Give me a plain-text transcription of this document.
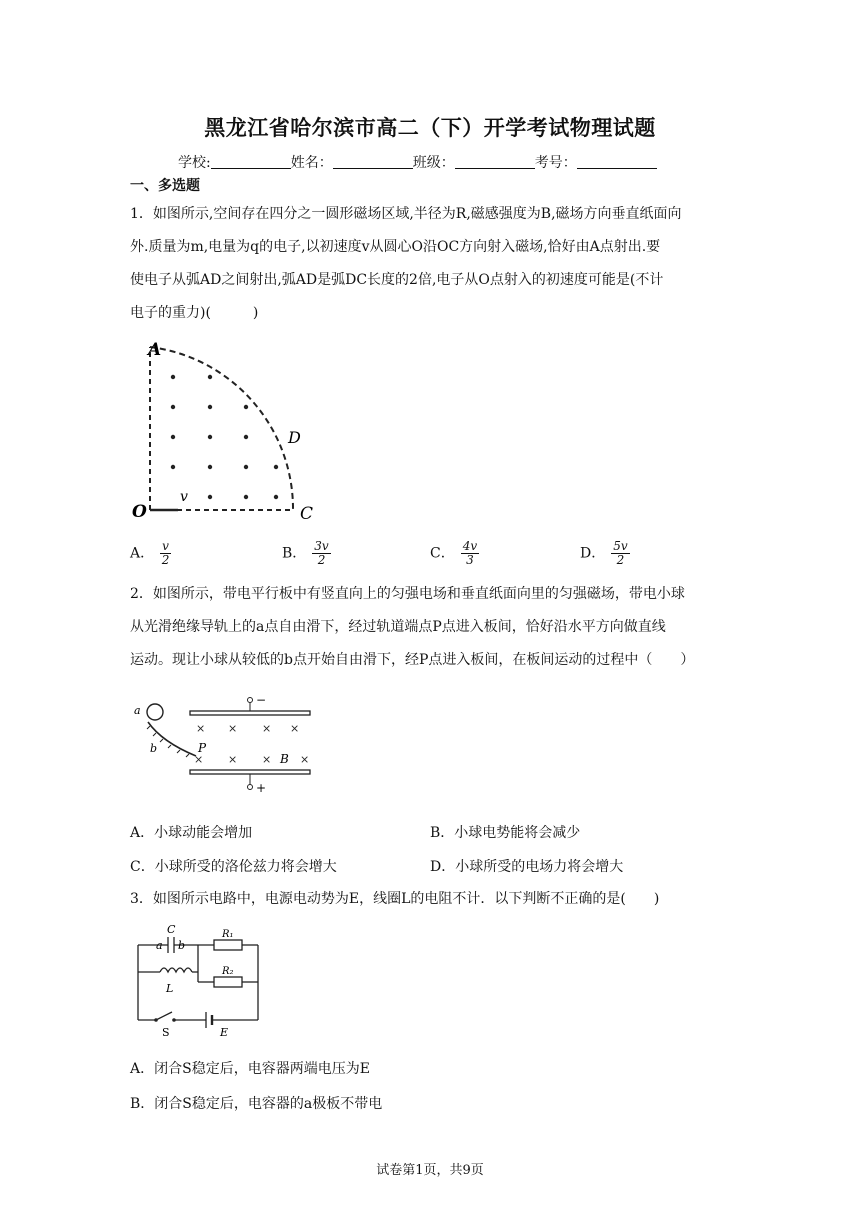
黑龙江省哈尔滨市高二（下）开学考试物理试题
学校:	姓名：	班级：	考号：
一、多选题
1．如图所示,空间存在四分之一圆形磁场区域,半径为R,磁感强度为B,磁场方向垂直纸面向
外.质量为m,电量为q的电子,以初速度v从圆心O沿OC方向射入磁场,恰好由A点射出.要
使电子从弧AD之间射出,弧AD是弧DC长度的2倍,电子从O点射入的初速度可能是(不计
电子的重力)(　　　)
A
D
O	C
v
A． $\frac{v}{2}$	B． $\frac{3v}{2}$	C． $\frac{4v}{3}$	D． $\frac{5v}{2}$
2．如图所示，带电平行板中有竖直向上的匀强电场和垂直纸面向里的匀强磁场，带电小球
从光滑绝缘导轨上的a点自由滑下，经过轨道端点P点进入板间，恰好沿水平方向做直线
运动。现让小球从较低的b点开始自由滑下，经P点进入板间，在板间运动的过程中（　　）
× × × ×
× × ×	×
a
b	P
B
−
+
A．小球动能会增加	B．小球电势能将会减少
C．小球所受的洛伦兹力将会增大	D．小球所受的电场力将会增大
3．如图所示电路中，电源电动势为E，线圈L的电阻不计．以下判断不正确的是(　　)
C
a b
R₁
R₂
L
S	E
A．闭合S稳定后，电容器两端电压为E
B．闭合S稳定后，电容器的a极板不带电
试卷第1页，共9页
